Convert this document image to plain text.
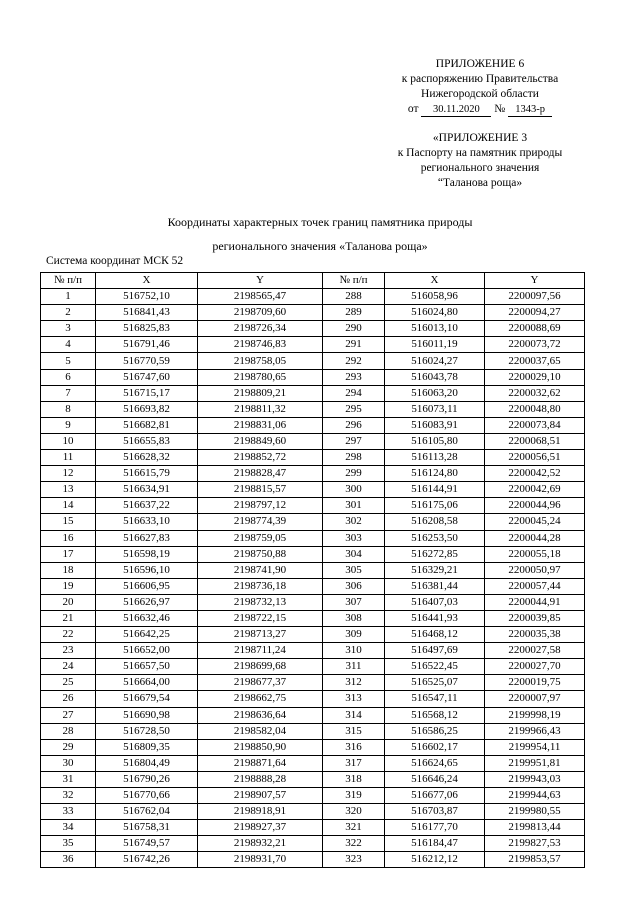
ПРИЛОЖЕНИЕ 6
к распоряжению Правительства
Нижегородской области
от 30.11.2020 № 1343-р
«ПРИЛОЖЕНИЕ 3
к Паспорту на памятник природы
регионального значения
“Таланова роща»
Координаты характерных точек границ памятника природы
регионального значения «Таланова роща»
Система координат МСК 52
№ п/п	X	Y	№ п/п	X	Y
1	516752,10	2198565,47	288	516058,96	2200097,56
2	516841,43	2198709,60	289	516024,80	2200094,27
3	516825,83	2198726,34	290	516013,10	2200088,69
4	516791,46	2198746,83	291	516011,19	2200073,72
5	516770,59	2198758,05	292	516024,27	2200037,65
6	516747,60	2198780,65	293	516043,78	2200029,10
7	516715,17	2198809,21	294	516063,20	2200032,62
8	516693,82	2198811,32	295	516073,11	2200048,80
9	516682,81	2198831,06	296	516083,91	2200073,84
10	516655,83	2198849,60	297	516105,80	2200068,51
11	516628,32	2198852,72	298	516113,28	2200056,51
12	516615,79	2198828,47	299	516124,80	2200042,52
13	516634,91	2198815,57	300	516144,91	2200042,69
14	516637,22	2198797,12	301	516175,06	2200044,96
15	516633,10	2198774,39	302	516208,58	2200045,24
16	516627,83	2198759,05	303	516253,50	2200044,28
17	516598,19	2198750,88	304	516272,85	2200055,18
18	516596,10	2198741,90	305	516329,21	2200050,97
19	516606,95	2198736,18	306	516381,44	2200057,44
20	516626,97	2198732,13	307	516407,03	2200044,91
21	516632,46	2198722,15	308	516441,93	2200039,85
22	516642,25	2198713,27	309	516468,12	2200035,38
23	516652,00	2198711,24	310	516497,69	2200027,58
24	516657,50	2198699,68	311	516522,45	2200027,70
25	516664,00	2198677,37	312	516525,07	2200019,75
26	516679,54	2198662,75	313	516547,11	2200007,97
27	516690,98	2198636,64	314	516568,12	2199998,19
28	516728,50	2198582,04	315	516586,25	2199966,43
29	516809,35	2198850,90	316	516602,17	2199954,11
30	516804,49	2198871,64	317	516624,65	2199951,81
31	516790,26	2198888,28	318	516646,24	2199943,03
32	516770,66	2198907,57	319	516677,06	2199944,63
33	516762,04	2198918,91	320	516703,87	2199980,55
34	516758,31	2198927,37	321	516177,70	2199813,44
35	516749,57	2198932,21	322	516184,47	2199827,53
36	516742,26	2198931,70	323	516212,12	2199853,57
